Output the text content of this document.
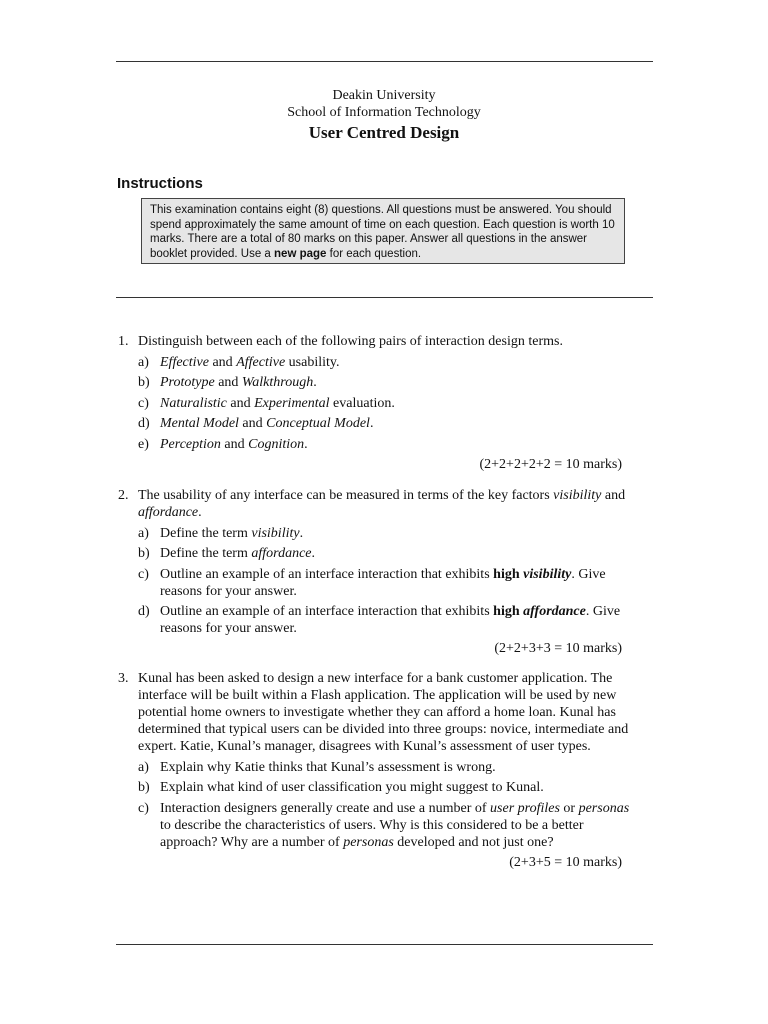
Deakin University
School of Information Technology
User Centred Design
Instructions
This examination contains eight (8) questions. All questions must be answered. You should spend approximately the same amount of time on each question. Each question is worth 10 marks. There are a total of 80 marks on this paper. Answer all questions in the answer booklet provided. Use a new page for each question.
1. Distinguish between each of the following pairs of interaction design terms.
a) Effective and Affective usability.
b) Prototype and Walkthrough.
c) Naturalistic and Experimental evaluation.
d) Mental Model and Conceptual Model.
e) Perception and Cognition.
(2+2+2+2+2 = 10 marks)
2. The usability of any interface can be measured in terms of the key factors visibility and affordance.
a) Define the term visibility.
b) Define the term affordance.
c) Outline an example of an interface interaction that exhibits high visibility. Give reasons for your answer.
d) Outline an example of an interface interaction that exhibits high affordance. Give reasons for your answer.
(2+2+3+3 = 10 marks)
3. Kunal has been asked to design a new interface for a bank customer application. The interface will be built within a Flash application. The application will be used by new potential home owners to investigate whether they can afford a home loan. Kunal has determined that typical users can be divided into three groups: novice, intermediate and expert. Katie, Kunal’s manager, disagrees with Kunal’s assessment of user types.
a) Explain why Katie thinks that Kunal’s assessment is wrong.
b) Explain what kind of user classification you might suggest to Kunal.
c) Interaction designers generally create and use a number of user profiles or personas to describe the characteristics of users. Why is this considered to be a better approach? Why are a number of personas developed and not just one?
(2+3+5 = 10 marks)
